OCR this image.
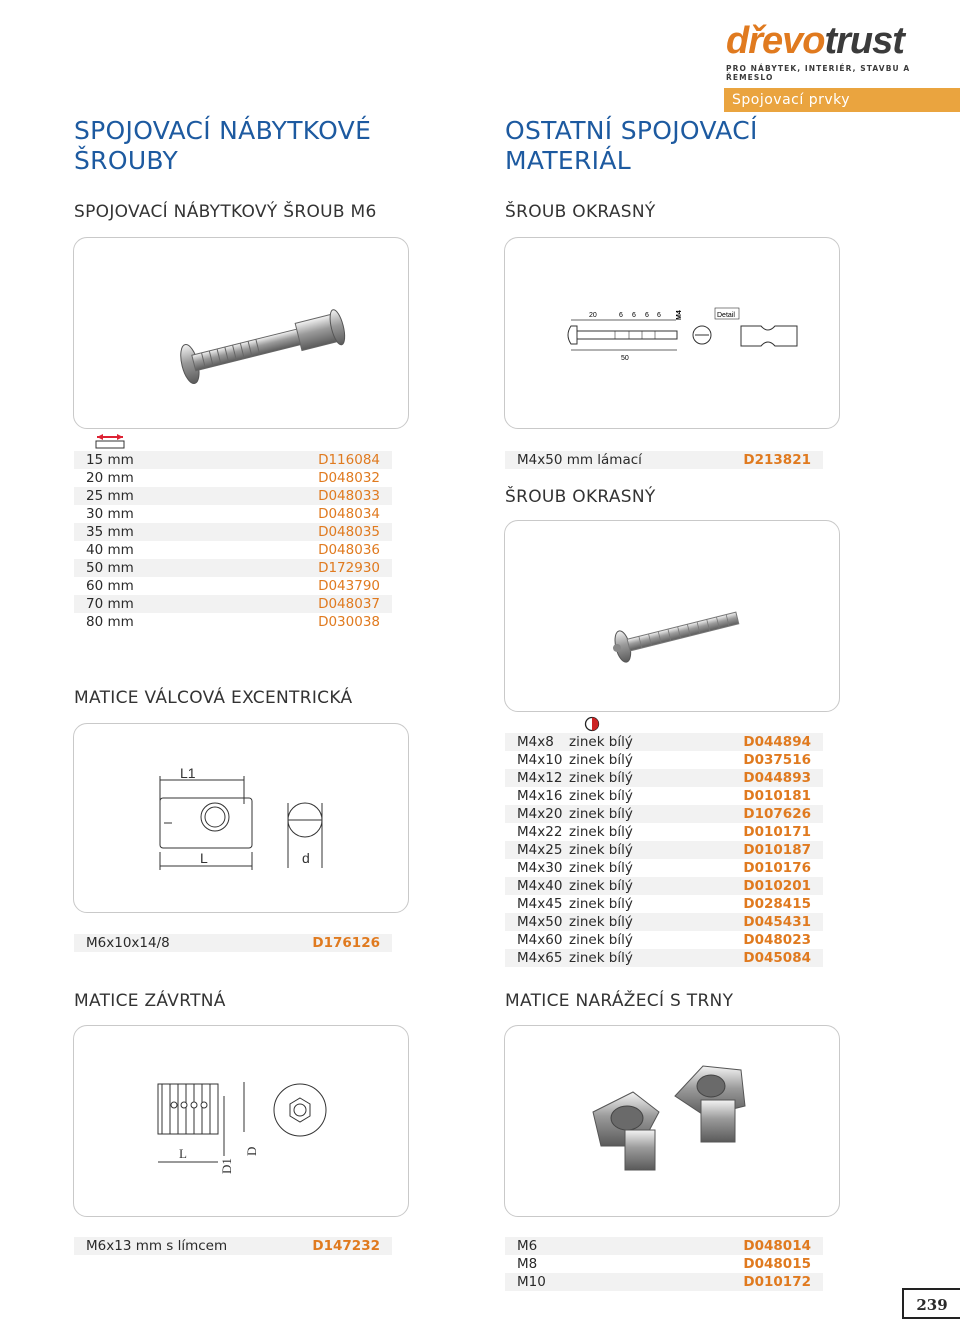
dřevotrust
PRO NÁBYTEK, INTERIÉR, STAVBU A ŘEMESLO
Spojovací prvky
SPOJOVACÍ NÁBYTKOVÉ ŠROUBY
OSTATNÍ SPOJOVACÍ MATERIÁL
SPOJOVACÍ NÁBYTKOVÝ ŠROUB M6
15 mm	D116084
20 mm	D048032
25 mm	D048033
30 mm	D048034
35 mm	D048035
40 mm	D048036
50 mm	D172930
60 mm	D043790
70 mm	D048037
80 mm	D030038
ŠROUB OKRASNÝ
20	6 6 6 6 M4
50
Detail
M4x50 mm lámací	D213821
ŠROUB OKRASNÝ
M4x8 zinek bílý	D044894
M4x10 zinek bílý	D037516
M4x12 zinek bílý	D044893
M4x16 zinek bílý	D010181
M4x20 zinek bílý	D107626
M4x22 zinek bílý	D010171
M4x25 zinek bílý	D010187
M4x30 zinek bílý	D010176
M4x40 zinek bílý	D010201
M4x45 zinek bílý	D028415
M4x50 zinek bílý	D045431
M4x60 zinek bílý	D048023
M4x65 zinek bílý	D045084
MATICE VÁLCOVÁ EXCENTRICKÁ
L1
L	d
M6x10x14/8	D176126
MATICE ZÁVRTNÁ
L
D1
D
M6x13 mm s límcem	D147232
MATICE NARÁŽECÍ S TRNY
M6	D048014
M8	D048015
M10	D010172
239
